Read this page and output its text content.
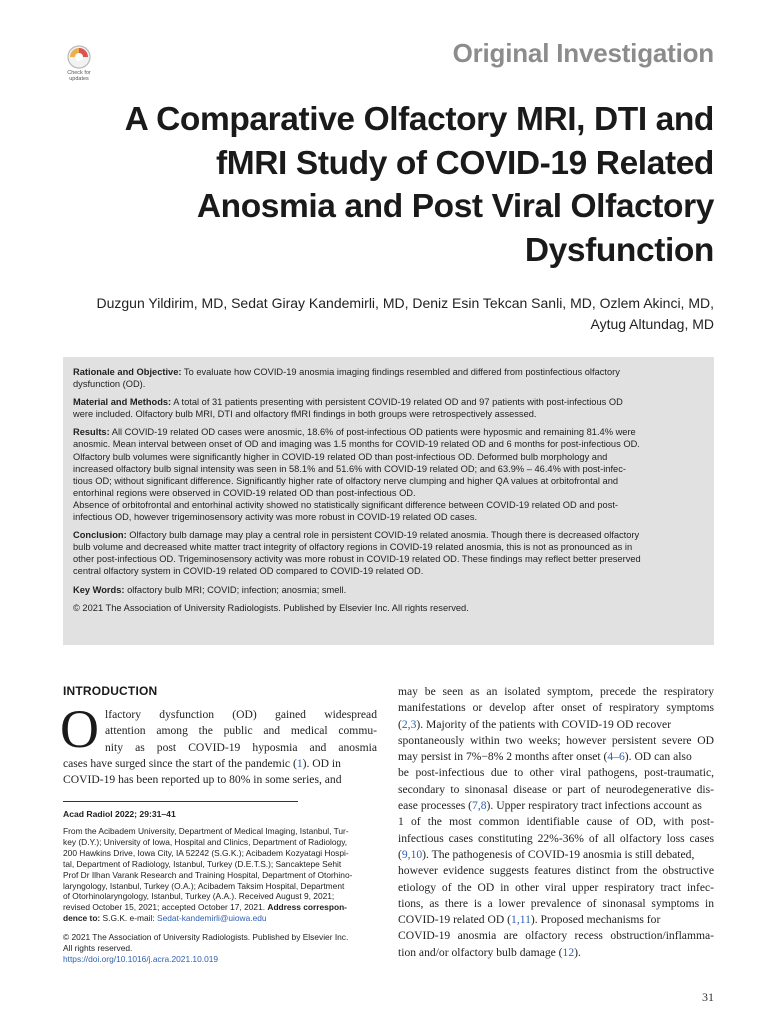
Check for
updates
Original Investigation
A Comparative Olfactory MRI, DTI and
fMRI Study of COVID-19 Related
Anosmia and Post Viral Olfactory
Dysfunction
Duzgun Yildirim, MD, Sedat Giray Kandemirli, MD, Deniz Esin Tekcan Sanli, MD, Ozlem Akinci, MD,
Aytug Altundag, MD

Rationale and Objective: To evaluate how COVID-19 anosmia imaging findings resembled and differed from postinfectious olfactory
dysfunction (OD).

Material and Methods: A total of 31 patients presenting with persistent COVID-19 related OD and 97 patients with post-infectious OD
were included. Olfactory bulb MRI, DTI and olfactory fMRI findings in both groups were retrospectively assessed.

Results: All COVID-19 related OD cases were anosmic, 18.6% of post-infectious OD patients were hyposmic and remaining 81.4% were
anosmic. Mean interval between onset of OD and imaging was 1.5 months for COVID-19 related OD and 6 months for post-infectious OD.
Olfactory bulb volumes were significantly higher in COVID-19 related OD than post-infectious OD. Deformed bulb morphology and
increased olfactory bulb signal intensity was seen in 58.1% and 51.6% with COVID-19 related OD; and 63.9% – 46.4% with post-infec-
tious OD; without significant difference. Significantly higher rate of olfactory nerve clumping and higher QA values at orbitofrontal and
entorhinal regions were observed in COVID-19 related OD than post-infectious OD.
Absence of orbitofrontal and entorhinal activity showed no statistically significant difference between COVID-19 related OD and post-
infectious OD, however trigeminosensory activity was more robust in COVID-19 related OD cases.

Conclusion: Olfactory bulb damage may play a central role in persistent COVID-19 related anosmia. Though there is decreased olfactory
bulb volume and decreased white matter tract integrity of olfactory regions in COVID-19 related anosmia, this is not as pronounced as in
other post-infectious OD. Trigeminosensory activity was more robust in COVID-19 related OD. These findings may reflect better preserved
central olfactory system in COVID-19 related OD compared to COVID-19 related OD.

Key Words: olfactory bulb MRI; COVID; infection; anosmia; smell.

© 2021 The Association of University Radiologists. Published by Elsevier Inc. All rights reserved.

INTRODUCTION
O lfactory dysfunction (OD) gained widespread
attention among the public and medical commu-
nity as post COVID-19 hyposmia and anosmia
cases have surged since the start of the pandemic (1). OD in
COVID-19 has been reported up to 80% in some series, and
may be seen as an isolated symptom, precede the respiratory
manifestations or develop after onset of respiratory symptoms
(2,3). Majority of the patients with COVID-19 OD recover
spontaneously within two weeks; however persistent severe OD
may persist in 7%−8% 2 months after onset (4–6). OD can also
be post-infectious due to other viral pathogens, post-traumatic,
secondary to sinonasal disease or part of neurodegenerative dis-
ease processes (7,8). Upper respiratory tract infections account as
1 of the most common identifiable cause of OD, with post-
infectious cases constituting 22%-36% of all olfactory loss cases
(9,10). The pathogenesis of COVID-19 anosmia is still debated,
however evidence suggests features distinct from the obstructive
etiology of the OD in other viral upper respiratory tract infec-
tions, as there is a lower prevalence of sinonasal symptoms in
COVID-19 related OD (1,11). Proposed mechanisms for
COVID-19 anosmia are olfactory recess obstruction/inflamma-
tion and/or olfactory bulb damage (12).
Acad Radiol 2022; 29:31–41
From the Acibadem University, Department of Medical Imaging, Istanbul, Tur-
key (D.Y.); University of Iowa, Hospital and Clinics, Department of Radiology,
200 Hawkins Drive, Iowa City, IA 52242 (S.G.K.); Acibadem Kozyatagi Hospi-
tal, Department of Radiology, Istanbul, Turkey (D.E.T.S.); Sancaktepe Sehit
Prof Dr Ilhan Varank Research and Training Hospital, Department of Otorhino-
laryngology, Istanbul, Turkey (O.A.); Acibadem Taksim Hospital, Department
of Otorhinolaryngology, Istanbul, Turkey (A.A.). Received August 9, 2021;
revised October 15, 2021; accepted October 17, 2021. Address correspon-
dence to: S.G.K. e-mail: Sedat-kandemirli@uiowa.edu
© 2021 The Association of University Radiologists. Published by Elsevier Inc.
All rights reserved.
https://doi.org/10.1016/j.acra.2021.10.019
31
